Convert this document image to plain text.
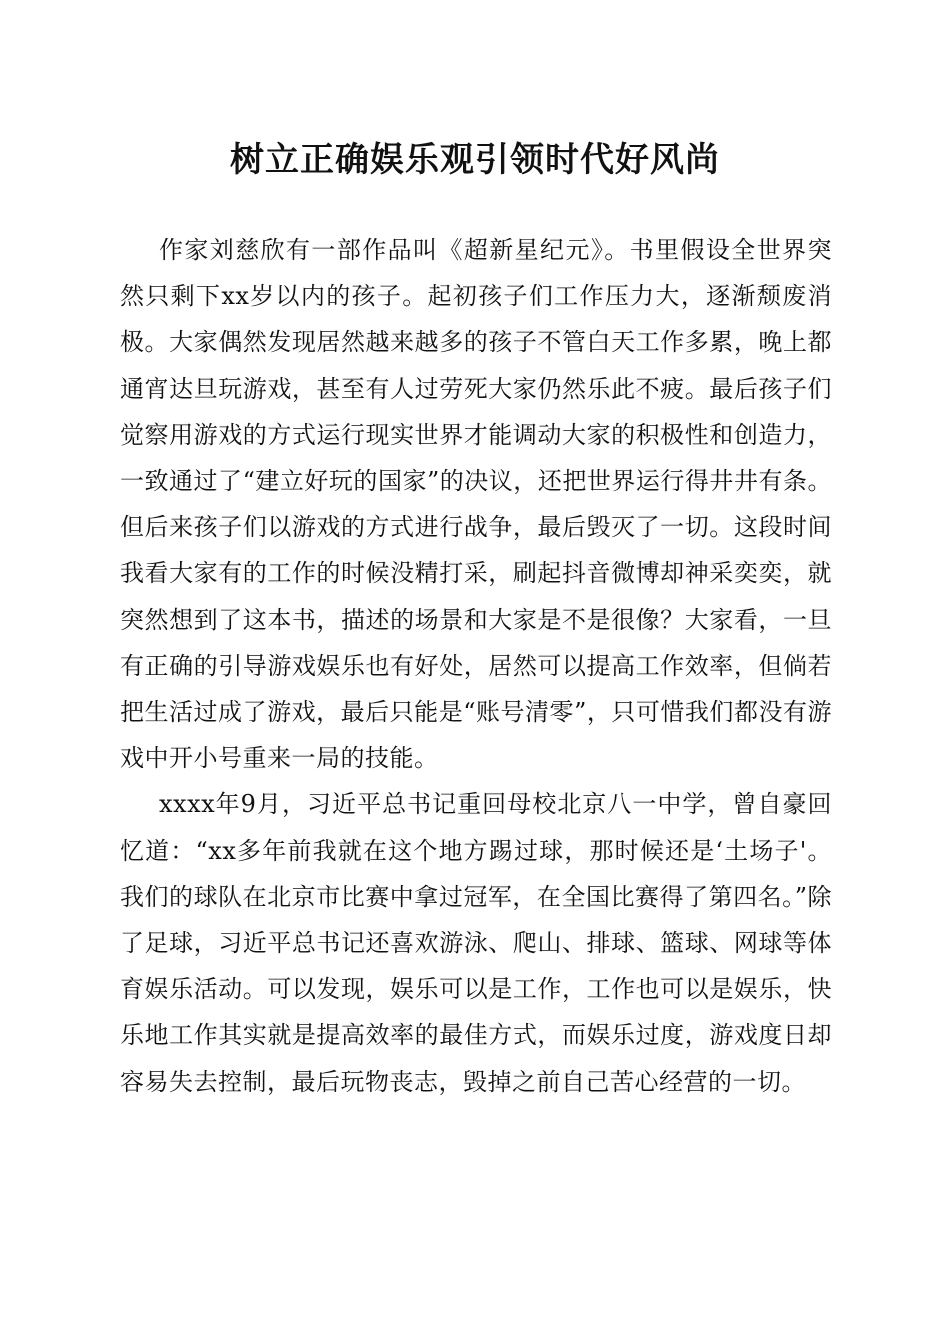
树立正确娱乐观引领时代好风尚

作家刘慈欣有一部作品叫《超新星纪元》。书里假设全世界突然只剩下xx岁以内的孩子。起初孩子们工作压力大，逐渐颓废消极。大家偶然发现居然越来越多的孩子不管白天工作多累，晚上都通宵达旦玩游戏，甚至有人过劳死大家仍然乐此不疲。最后孩子们觉察用游戏的方式运行现实世界才能调动大家的积极性和创造力，一致通过了“建立好玩的国家”的决议，还把世界运行得井井有条。但后来孩子们以游戏的方式进行战争，最后毁灭了一切。这段时间我看大家有的工作的时候没精打采，刷起抖音微博却神采奕奕，就突然想到了这本书，描述的场景和大家是不是很像？大家看，一旦有正确的引导游戏娱乐也有好处，居然可以提高工作效率，但倘若把生活过成了游戏，最后只能是“账号清零”，只可惜我们都没有游戏中开小号重来一局的技能。

xxxx年9月，习近平总书记重回母校北京八一中学，曾自豪回忆道：“xx多年前我就在这个地方踢过球，那时候还是‘土场子'。我们的球队在北京市比赛中拿过冠军，在全国比赛得了第四名。”除了足球，习近平总书记还喜欢游泳、爬山、排球、篮球、网球等体育娱乐活动。可以发现，娱乐可以是工作，工作也可以是娱乐，快乐地工作其实就是提高效率的最佳方式，而娱乐过度，游戏度日却容易失去控制，最后玩物丧志，毁掉之前自己苦心经营的一切。
